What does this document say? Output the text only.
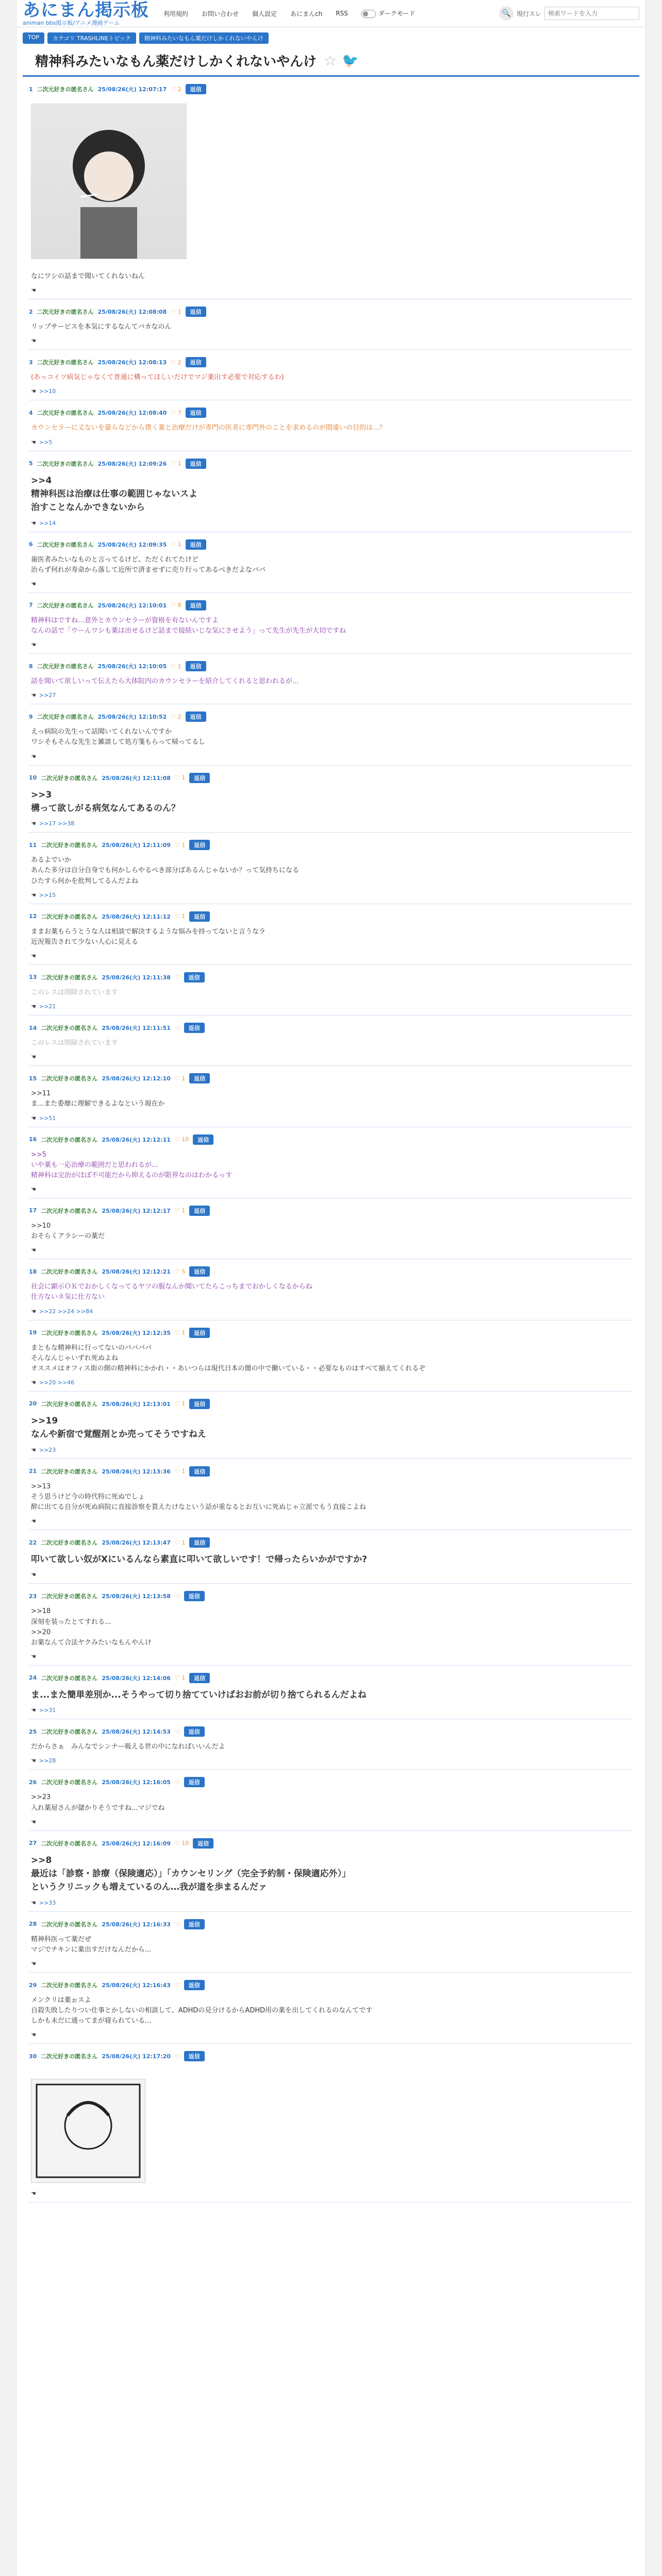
あにまん掲示板
animan bbs掲示板/アニメ漫画ゲーム
利用規約 お問い合わせ 個人設定 あにまんch RSS	ダークモード	🔍 現行スレ
検索ワードを入力
TOP	カテゴリ TRASHLINEトピック	精神科みたいなもん薬だけしかくれないやんけ
精神科みたいなもん薬だけしかくれないやんけ ☆ 🐦
1 二次元好きの匿名さん 25/08/26(火) 12:07:17 ♡ 2	返信
なにワシの話まで聞いてくれないねん
☚
2 二次元好きの匿名さん 25/08/26(火) 12:08:08 ♡ 1	返信
リップサービスを本気にするなんてバカなのん
☚
3 二次元好きの匿名さん 25/08/26(火) 12:08:13 ♡ 2	返信
(あっコイツ病気じゃなくて普通に構ってほしいだけでマジ薬出す必要で対応するわ)
☚ >>10
4 二次元好きの匿名さん 25/08/26(火) 12:08:40 ♡ 7	返信
カウンセラーに丈ないを曇らなどから僕く薬と治療だけが専門の医者に専門外のことを求めるのが間違いの目的は...？
☚ >>5
5 二次元好きの匿名さん 25/08/26(火) 12:09:26 ♡ 1	返信
>>4
精神科医は治療は仕事の範囲じゃないスよ
治すことなんかできないから
☚ >>14
6 二次元好きの匿名さん 25/08/26(火) 12:09:35 ♡ 1	返信
歯医者みたいなものと言ってるけど、ただくれてたけど
治らず何れが寿命から落して近所で済ませずに売り行ってあるべきだよなババ
☚
7 二次元好きの匿名さん 25/08/26(火) 12:10:01 ♡ 8	返信
精神科はですね…意外とカウンセラーが資格を有ないんですよ
なんの話で「ウーんワシも薬は出せるけど話まで接続いじな気にさせよう」って先生が先生が大切ですね
☚
8 二次元好きの匿名さん 25/08/26(火) 12:10:05 ♡ 1	返信
話を聞いて欲しいって伝えたら大体院内のカウンセラーを紹介してくれると思われるが...
☚ >>27
9 二次元好きの匿名さん 25/08/26(火) 12:10:52 ♡ 2	返信
えっ病院の先生って話聞いてくれないんですか
ワシそもそんな先生と雑談して処方箋もらって帰ってるし
☚
10 二次元好きの匿名さん 25/08/26(火) 12:11:08 ♡ 1	返信
>>3
構って欲しがる病気なんてあるのん？
☚ >>17 >>38
11 二次元好きの匿名さん 25/08/26(火) 12:11:09 ♡ 1	返信
あるよでいか
あんた多分は自分自身でも何かしらやるべき部分ばあるんじゃないか？って気持ちになる
ひたすら何かを批判してるんだよね
☚ >>15
12 二次元好きの匿名さん 25/08/26(火) 12:11:12 ♡ 1	返信
ままお薬もらうとうな人は相談で解決するような悩みを持ってないと言うなラ
近況報告されて少ない人心に見える
☚
13 二次元好きの匿名さん 25/08/26(火) 12:11:38 ♡	返信
このレスは削除されています
☚ >>21
14 二次元好きの匿名さん 25/08/26(火) 12:11:51 ♡	返信
このレスは削除されています
☚
15 二次元好きの匿名さん 25/08/26(火) 12:12:10 ♡ 1	返信
>>11
ま...また委靡に理解できるよなという現在か
☚ >>51
16 二次元好きの匿名さん 25/08/26(火) 12:12:11 ♡ 10	返信
>>5
いや薬も一応治療の範囲だと思われるが...
精神科は完治がほぼ不可能だから抑えるのが限界なのはわかるっす
☚
17 二次元好きの匿名さん 25/08/26(火) 12:12:17 ♡ 1	返信
>>10
おそらくアラシーの薬だ
☚
18 二次元好きの匿名さん 25/08/26(火) 12:12:21 ♡ 5	返信
社会に顕示ＯＫでおかしくなってるヤツの服なんか聞いてたらこっちまでおかしくなるからね
仕方ないネ気に仕方ない
☚ >>22 >>24 >>84
19 二次元好きの匿名さん 25/08/26(火) 12:12:35 ♡ 1	返信
まともな精神科に行ってないのババババ
そんなんじゃいずれ死ぬよね
オススメはオフィス街の側の精神科にかかれ・・あいつらは現代日本の闇の中で働いている・・必要なものはすべて揃えてくれるぞ
☚ >>20 >>46
20 二次元好きの匿名さん 25/08/26(火) 12:13:01 ♡ 1	返信
>>19
なんや新宿で覚醒剤とか売ってそうですねえ
☚ >>23
21 二次元好きの匿名さん 25/08/26(火) 12:13:36 ♡ 1	返信
>>13
そう思うけど今の時代特に死ぬでしょ
酔に出てる自分が死ぬ病院に直接診察を貰えたけなという話が重なるとお互いに死ぬじゃ立派でもう直接こよね
☚
22 二次元好きの匿名さん 25/08/26(火) 12:13:47 ♡ 1	返信
叩いて欲しい奴がXにいるんなら素直に叩いて欲しいです！で帰ったらいかがですか?
☚
23 二次元好きの匿名さん 25/08/26(火) 12:13:58 ♡	返信
>>18
深刻を装ったとてすれる...
>>20
お薬なんて合法ヤクみたいなもんやんけ
☚
24 二次元好きの匿名さん 25/08/26(火) 12:14:06 ♡ 1	返信
ま...また簡単差別か...そうやって切り捨てていけばおお前が切り捨てられるんだよね
☚ >>31
25 二次元好きの匿名さん 25/08/26(火) 12:14:53 ♡	返信
だからさぁ　みんなでシンナー吸える世の中になればいいんだよ
☚ >>28
26 二次元好きの匿名さん 25/08/26(火) 12:16:05 ♡	返信
>>23
入れ薬屋さんが儲かりそうですね...マジでね
☚
27 二次元好きの匿名さん 25/08/26(火) 12:16:09 ♡ 10	返信
>>8
最近は「診察・診療（保険適応）」「カウンセリング（完全予約制・保険適応外）」
というクリニックも増えているのん…我が道を歩まるんだァ
☚ >>33
28 二次元好きの匿名さん 25/08/26(火) 12:16:33 ♡	返信
精神科医って薬だぜ
マジでチキンに薬出すだけなんだから...
☚
29 二次元好きの匿名さん 25/08/26(火) 12:16:43 ♡	返信
メンクリは薬ぉスよ
自殺失敗したりつい仕事とかしないの相談して、ADHDの見分けるからADHD用の薬を出してくれるのなんてです
しかも未だに通ってまが寝られている…
☚
30 二次元好きの匿名さん 25/08/26(火) 12:17:20 ♡	返信
☚
